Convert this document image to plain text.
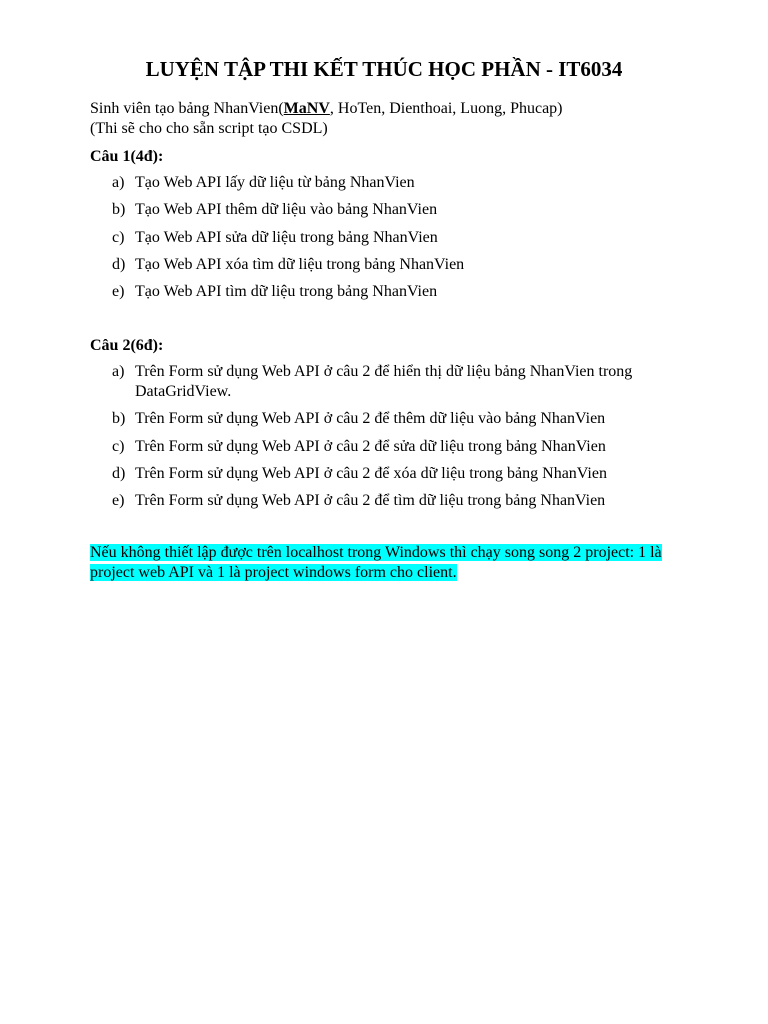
LUYỆN TẬP THI KẾT THÚC HỌC PHẦN - IT6034
Sinh viên tạo bảng NhanVien(MaNV, HoTen, Dienthoai, Luong, Phucap)
(Thi sẽ cho cho sẵn script tạo CSDL)
Câu 1(4đ):
a) Tạo Web API lấy dữ liệu từ bảng NhanVien
b) Tạo Web API thêm dữ liệu vào bảng NhanVien
c) Tạo Web API sửa dữ liệu trong bảng NhanVien
d) Tạo Web API xóa tìm dữ liệu trong bảng NhanVien
e) Tạo Web API tìm dữ liệu trong bảng NhanVien
Câu 2(6đ):
a) Trên Form sử dụng Web API ở câu 2 để hiển thị dữ liệu bảng NhanVien trong DataGridView.
b) Trên Form sử dụng Web API ở câu 2 để thêm dữ liệu vào bảng NhanVien
c) Trên Form sử dụng Web API ở câu 2 để sửa dữ liệu trong bảng NhanVien
d) Trên Form sử dụng Web API ở câu 2 để xóa dữ liệu trong bảng NhanVien
e) Trên Form sử dụng Web API ở câu 2 để tìm dữ liệu trong bảng NhanVien
Nếu không thiết lập được trên localhost trong Windows thì chạy song song 2 project: 1 là project web API và 1 là project windows form cho client.
